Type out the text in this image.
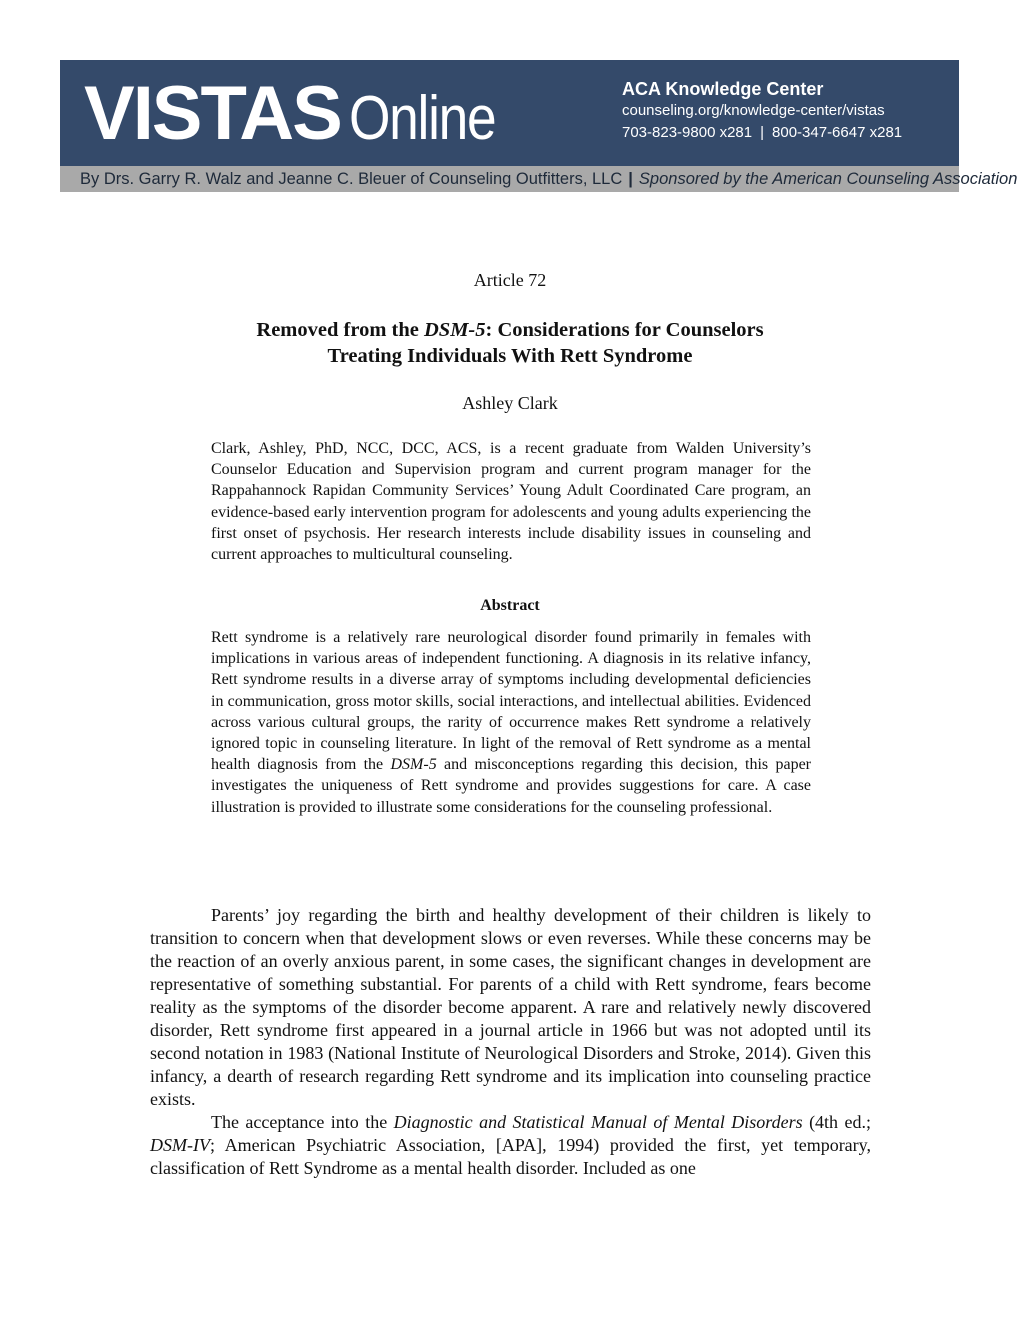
VISTAS Online	ACA Knowledge Center
counseling.org/knowledge-center/vistas
703-823-9800 x281 | 800-347-6647 x281
By Drs. Garry R. Walz and Jeanne C. Bleuer of Counseling Outfitters, LLC | Sponsored by the American Counseling Association
Article 72
Removed from the DSM-5: Considerations for Counselors
Treating Individuals With Rett Syndrome
Ashley Clark

Clark, Ashley, PhD, NCC, DCC, ACS, is a recent graduate from Walden University’s Counselor Education and Supervision program and current program manager for the Rappahannock Rapidan Community Services’ Young Adult Coordinated Care program, an evidence-based early intervention program for adolescents and young adults experiencing the first onset of psychosis. Her research interests include disability issues in counseling and current approaches to multicultural counseling.

Abstract

Rett syndrome is a relatively rare neurological disorder found primarily in females with implications in various areas of independent functioning. A diagnosis in its relative infancy, Rett syndrome results in a diverse array of symptoms including developmental deficiencies in communication, gross motor skills, social interactions, and intellectual abilities. Evidenced across various cultural groups, the rarity of occurrence makes Rett syndrome a relatively ignored topic in counseling literature. In light of the removal of Rett syndrome as a mental health diagnosis from the DSM-5 and misconceptions regarding this decision, this paper investigates the uniqueness of Rett syndrome and provides suggestions for care. A case illustration is provided to illustrate some considerations for the counseling professional.

Parents’ joy regarding the birth and healthy development of their children is likely to transition to concern when that development slows or even reverses. While these concerns may be the reaction of an overly anxious parent, in some cases, the significant changes in development are representative of something substantial. For parents of a child with Rett syndrome, fears become reality as the symptoms of the disorder become apparent. A rare and relatively newly discovered disorder, Rett syndrome first appeared in a journal article in 1966 but was not adopted until its second notation in 1983 (National Institute of Neurological Disorders and Stroke, 2014). Given this infancy, a dearth of research regarding Rett syndrome and its implication into counseling practice exists.

The acceptance into the Diagnostic and Statistical Manual of Mental Disorders (4th ed.; DSM-IV; American Psychiatric Association, [APA], 1994) provided the first, yet temporary, classification of Rett Syndrome as a mental health disorder. Included as one
